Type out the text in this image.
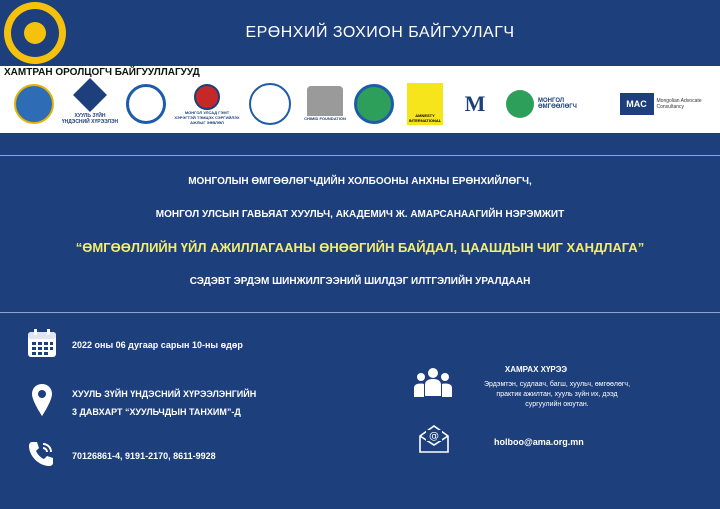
ЕРӨНХИЙ ЗОХИОН БАЙГУУЛАГЧ
ХАМТРАН ОРОЛЦОГЧ БАЙГУУЛЛАГУУД
ХУУЛЬ ЗҮЙН ҮНДЭСНИЙ ХҮРЭЭЛЭН
МОНГОЛ УЛСАД ГЭМТ ХЭРЭГТЭЙ ТЭМЦЭХ СЭРГИЙЛЭХ АЖЛЫГ ЗӨВЛӨЛ
CHIMID FOUNDATION
AMNESTY INTERNATIONAL
M	МОНГОЛ ӨМГӨӨЛӨГЧ	MAC	Mongolian Advocate Consultancy
МОНГОЛЫН ӨМГӨӨЛӨГЧДИЙН ХОЛБООНЫ АНХНЫ ЕРӨНХИЙЛӨГЧ,
МОНГОЛ УЛСЫН ГАВЬЯАТ ХУУЛЬЧ, АКАДЕМИЧ Ж. АМАРСАНААГИЙН НЭРЭМЖИТ
“ӨМГӨӨЛЛИЙН ҮЙЛ АЖИЛЛАГААНЫ ӨНӨӨГИЙН БАЙДАЛ, ЦААШДЫН ЧИГ ХАНДЛАГА”
СЭДЭВТ ЭРДЭМ ШИНЖИЛГЭЭНИЙ ШИЛДЭГ ИЛТГЭЛИЙН УРАЛДААН
2022 оны 06 дугаар сарын 10-ны өдөр
ХУУЛЬ ЗҮЙН ҮНДЭСНИЙ ХҮРЭЭЛЭНГИЙН
3 ДАВХАРТ “ХУУЛЬЧДЫН ТАНХИМ”-Д
70126861-4, 9191-2170, 8611-9928
ХАМРАХ ХҮРЭЭ
Эрдэмтэн, судлаач, багш, хуульч, өмгөөлөгч, практик ажилтан, хууль зүйн их, дээд сургуулийн оюутан.
@	holboo@ama.org.mn
